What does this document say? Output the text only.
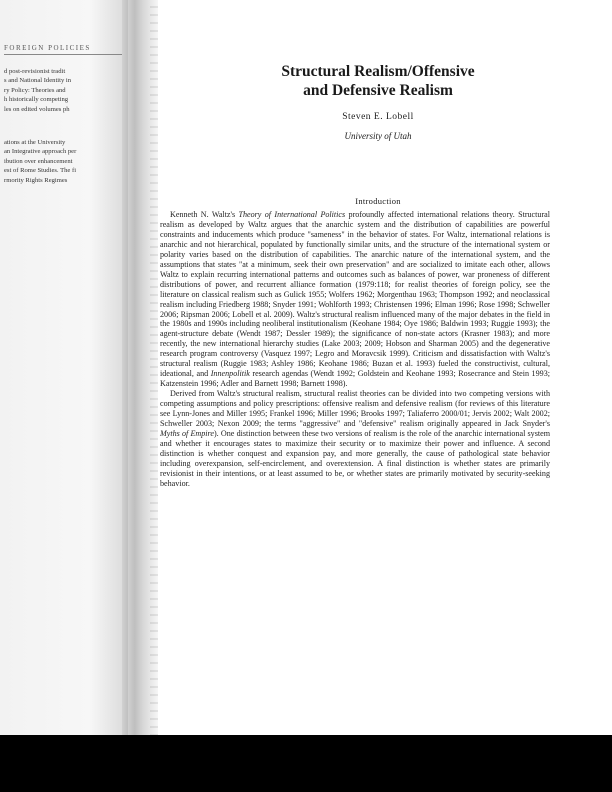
FOREIGN POLICIES
d post-revisionist tradit
s and National Identity in
ry Policy: Theories and
h historically competing
les on edited volumes ph
ations at the University
an Integrative approach per
ibution over enhancement
est of Rome Studies. The fi
rmority Rights Regimes
Structural Realism/Offensive
and Defensive Realism
Steven E. Lobell
University of Utah
Introduction

Kenneth N. Waltz's Theory of International Politics profoundly affected international relations theory. Structural realism as developed by Waltz argues that the anarchic system and the distribution of capabilities are powerful constraints and inducements which produce "sameness" in the behavior of states. For Waltz, international relations is anarchic and not hierarchical, populated by functionally similar units, and the structure of the international system or polarity varies based on the distribution of capabilities. The anarchic nature of the international system, and the assumptions that states "at a minimum, seek their own preservation" and are socialized to imitate each other, allows Waltz to explain recurring international patterns and outcomes such as balances of power, war proneness of different distributions of power, and recurrent alliance formation (1979:118; for realist theories of foreign policy, see the literature on classical realism such as Gulick 1955; Wolfers 1962; Morgenthau 1963; Thompson 1992; and neoclassical realism including Friedberg 1988; Snyder 1991; Wohlforth 1993; Christensen 1996; Elman 1996; Rose 1998; Schweller 2006; Ripsman 2006; Lobell et al. 2009). Waltz's structural realism influenced many of the major debates in the field in the 1980s and 1990s including neoliberal institutionalism (Keohane 1984; Oye 1986; Baldwin 1993; Ruggie 1993); the agent-structure debate (Wendt 1987; Dessler 1989); the significance of non-state actors (Krasner 1983); and more recently, the new international hierarchy studies (Lake 2003; 2009; Hobson and Sharman 2005) and the degenerative research program controversy (Vasquez 1997; Legro and Moravcsik 1999). Criticism and dissatisfaction with Waltz's structural realism (Ruggie 1983; Ashley 1986; Keohane 1986; Buzan et al. 1993) fueled the constructivist, cultural, ideational, and Innenpolitik research agendas (Wendt 1992; Goldstein and Keohane 1993; Rosecrance and Stein 1993; Katzenstein 1996; Adler and Barnett 1998; Barnett 1998).

Derived from Waltz's structural realism, structural realist theories can be divided into two competing versions with competing assumptions and policy prescriptions: offensive realism and defensive realism (for reviews of this literature see Lynn-Jones and Miller 1995; Frankel 1996; Miller 1996; Brooks 1997; Taliaferro 2000/01; Jervis 2002; Walt 2002; Schweller 2003; Nexon 2009; the terms "aggressive" and "defensive" realism originally appeared in Jack Snyder's Myths of Empire). One distinction between these two versions of realism is the role of the anarchic international system and whether it encourages states to maximize their security or to maximize their power and influence. A second distinction is whether conquest and expansion pay, and more generally, the cause of pathological state behavior including overexpansion, self-encirclement, and overextension. A final distinction is whether states are primarily revisionist in their intentions, or at least assumed to be, or whether states are primarily motivated by security-seeking behavior.
